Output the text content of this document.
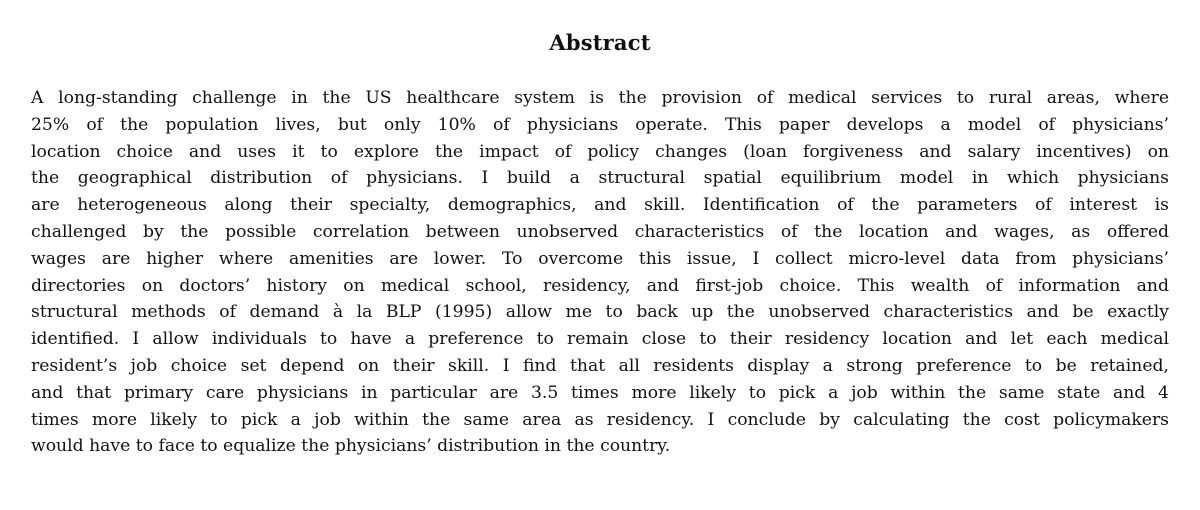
Abstract
A long-standing challenge in the US healthcare system is the provision of medical services to rural areas, where
25% of the population lives, but only 10% of physicians operate. This paper develops a model of physicians’
location choice and uses it to explore the impact of policy changes (loan forgiveness and salary incentives) on
the geographical distribution of physicians. I build a structural spatial equilibrium model in which physicians
are heterogeneous along their specialty, demographics, and skill. Identification of the parameters of interest is
challenged by the possible correlation between unobserved characteristics of the location and wages, as offered
wages are higher where amenities are lower. To overcome this issue, I collect micro-level data from physicians’
directories on doctors’ history on medical school, residency, and first-job choice. This wealth of information and
structural methods of demand à la BLP (1995) allow me to back up the unobserved characteristics and be exactly
identified. I allow individuals to have a preference to remain close to their residency location and let each medical
resident’s job choice set depend on their skill. I find that all residents display a strong preference to be retained,
and that primary care physicians in particular are 3.5 times more likely to pick a job within the same state and 4
times more likely to pick a job within the same area as residency. I conclude by calculating the cost policymakers
would have to face to equalize the physicians’ distribution in the country.
